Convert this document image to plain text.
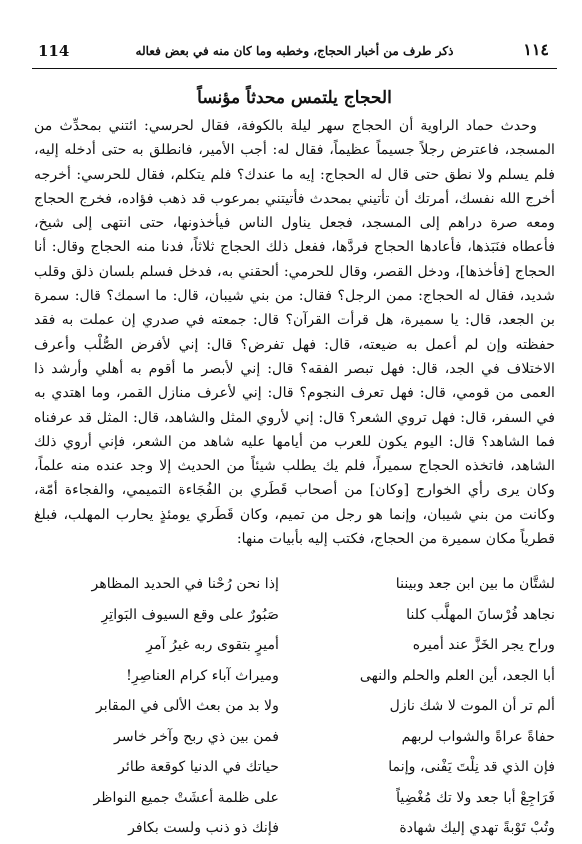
114	ذكر طرف من أخبار الحجاج، وخطبه وما كان منه في بعض فعاله	١١٤
الحجاج يلتمس محدثاً مؤنساً

وحدث حماد الراوية أن الحجاج سهر ليلة بالكوفة، فقال لحرسي: ائتني بمحدِّث من المسجد، فاعترض رجلاً جسيماً عظيماً، فقال له: أجب الأمير، فانطلق به حتى أدخله إليه، فلم يسلم ولا نطق حتى قال له الحجاج: إيه ما عندك؟ فلم يتكلم، فقال للحرسي: أخرجه أخرج الله نفسك، أمرتك أن تأتيني بمحدث فأتيتني بمرعوب قد ذهب فؤاده، فخرج الحجاج ومعه صرة دراهم إلى المسجد، فجعل يناول الناس فيأخذونها، حتى انتهى إلى شيخ، فأعطاه فنَبَذها، فأعادها الحجاج فردَّها، ففعل ذلك الحجاج ثلاثاً، فدنا منه الحجاج وقال: أنا الحجاج [فأخذها]، ودخل القصر، وقال للحرمي: ألحقني به، فدخل فسلم بلسان ذلق وقلب شديد، فقال له الحجاج: ممن الرجل؟ فقال: من بني شيبان، قال: ما اسمك؟ قال: سمرة بن الجعد، قال: يا سميرة، هل قرأت القرآن؟ قال: جمعته في صدري إن عملت به فقد حفظته وإن لم أعمل به ضيعته، قال: فهل تفرض؟ قال: إني لأفرض الصُّلْب وأعرف الاختلاف في الجد، قال: فهل تبصر الفقه؟ قال: إني لأبصر ما أقوم به أهلي وأرشد ذا العمى من قومي، قال: فهل تعرف النجوم؟ قال: إني لأعرف منازل القمر، وما اهتدي به في السفر، قال: فهل تروي الشعر؟ قال: إني لأروي المثل والشاهد، قال: المثل قد عرفناه فما الشاهد؟ قال: اليوم يكون للعرب من أيامها عليه شاهد من الشعر، فإني أروي ذلك الشاهد، فاتخذه الحجاج سميراً، فلم يك يطلب شيئاً من الحديث إلا وجد عنده منه علماً، وكان يرى رأي الخوارج [وكان] من أصحاب قَطَري بن الفُجَاءة التميمي، والفجاءة أمّة، وكانت من بني شيبان، وإنما هو رجل من تميم، وكان قَطَري يومئذٍ يحارب المهلب، فبلغ قطرياً مكان سميرة من الحجاج، فكتب إليه بأبيات منها:

لشتَّان ما بين ابن جعد وبيننا
إذا نحن رُحْنا في الحديد المظاهر
نجاهد فُرْسانَ المهلَّب كلنا
صَبُورٌ على وقع السيوف البَواتِرِ
وراح يجر الخَزَّ عند أميره
أميرٍ بتقوى ربه غيرُ آمرِ
أبا الجعد، أين العلم والحلم والنهى
وميراث آباء كرام العناصِرِ!
ألم تر أن الموت لا شك نازل
ولا بد من بعث الألى في المقابر
حفاةً عراةً والشواب لربهم
فمن بين ذي ربح وآخر خاسر
فإن الذي قد نِلْتَ يَفْنى، وإنما
حياتك في الدنيا كوقعة طائر
فَرَاجِعْ أبا جعد ولا تك مُغْضِياً
على ظلمة أعشَتْ جميع النواظر
وتُبْ تَوْبةً تهدي إليك شهادة
فإنك ذو ذنب ولست بكافر
